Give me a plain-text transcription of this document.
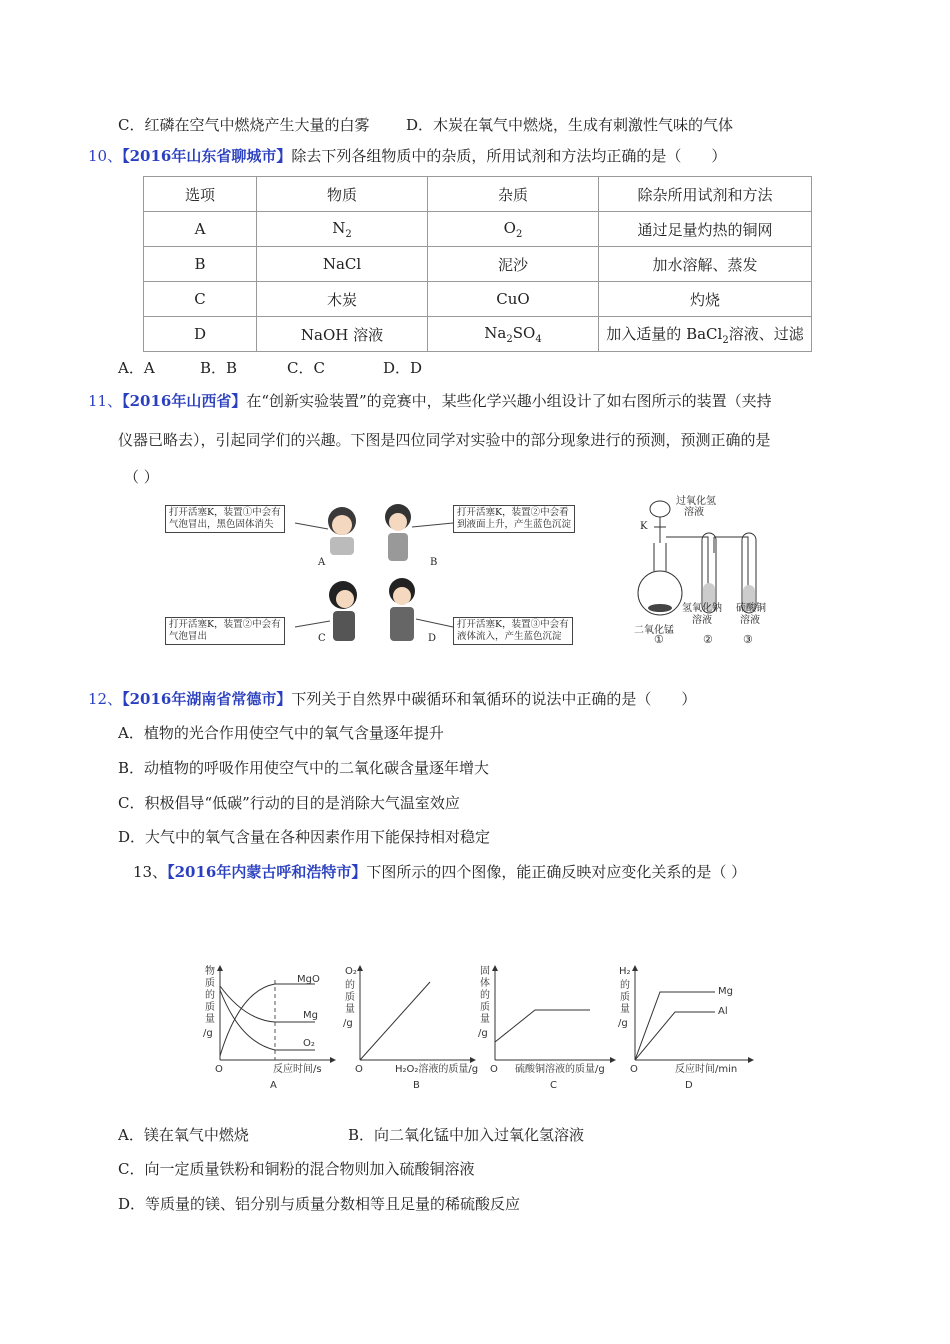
C．红磷在空气中燃烧产生大量的白雾 D．木炭在氧气中燃烧，生成有刺激性气味的气体
10、【2016年山东省聊城市】除去下列各组物质中的杂质，所用试剂和方法均正确的是（　　）
选项	物质	杂质	除杂所用试剂和方法
A	$N_2$	$O_2$	通过足量灼热的铜网
B	NaCl	泥沙	加水溶解、蒸发
C	木炭	CuO	灼烧
D	NaOH 溶液	$Na_2SO_4$	加入适量的 BaCl$_2$溶液、过滤
A．A	B．B	C．C	D．D
11、【2016年山西省】在“创新实验装置”的竞赛中，某些化学兴趣小组设计了如右图所示的装置（夹持
仪器已略去），引起同学们的兴趣。下图是四位同学对实验中的部分现象进行的预测，预测正确的是
（ ）
打开活塞K，装置①中会有
气泡冒出，黑色固体消失
打开活塞K，装置②中会看
到液面上升，产生蓝色沉淀
打开活塞K，装置②中会有
气泡冒出
打开活塞K，装置③中会有
液体流入，产生蓝色沉淀
A	B
C	D
过氧化氢
溶液
K
二氧化锰
氢氧化钠
溶液
硫酸铜
溶液
①	②	③
12、【2016年湖南省常德市】下列关于自然界中碳循环和氧循环的说法中正确的是（　　）
A．植物的光合作用使空气中的氧气含量逐年提升
B．动植物的呼吸作用使空气中的二氧化碳含量逐年增大
C．积极倡导“低碳”行动的目的是消除大气温室效应
D．大气中的氧气含量在各种因素作用下能保持相对稳定
13、【2016年内蒙古呼和浩特市】下图所示的四个图像，能正确反映对应变化关系的是（ ）
MgO
Mg
O₂
O	反应时间/s
A
物
质
的
质
量
/g
O	H₂O₂溶液的质量/g
B
O₂
的
质
量
/g
O 硫酸铜溶液的质量/g
C
固
体
的
质
量
/g
Mg
Al
O	反应时间/min
D
H₂
的
质
量
/g
A．镁在氧气中燃烧	B．向二氧化锰中加入过氧化氢溶液
C．向一定质量铁粉和铜粉的混合物则加入硫酸铜溶液
D．等质量的镁、铝分别与质量分数相等且足量的稀硫酸反应
